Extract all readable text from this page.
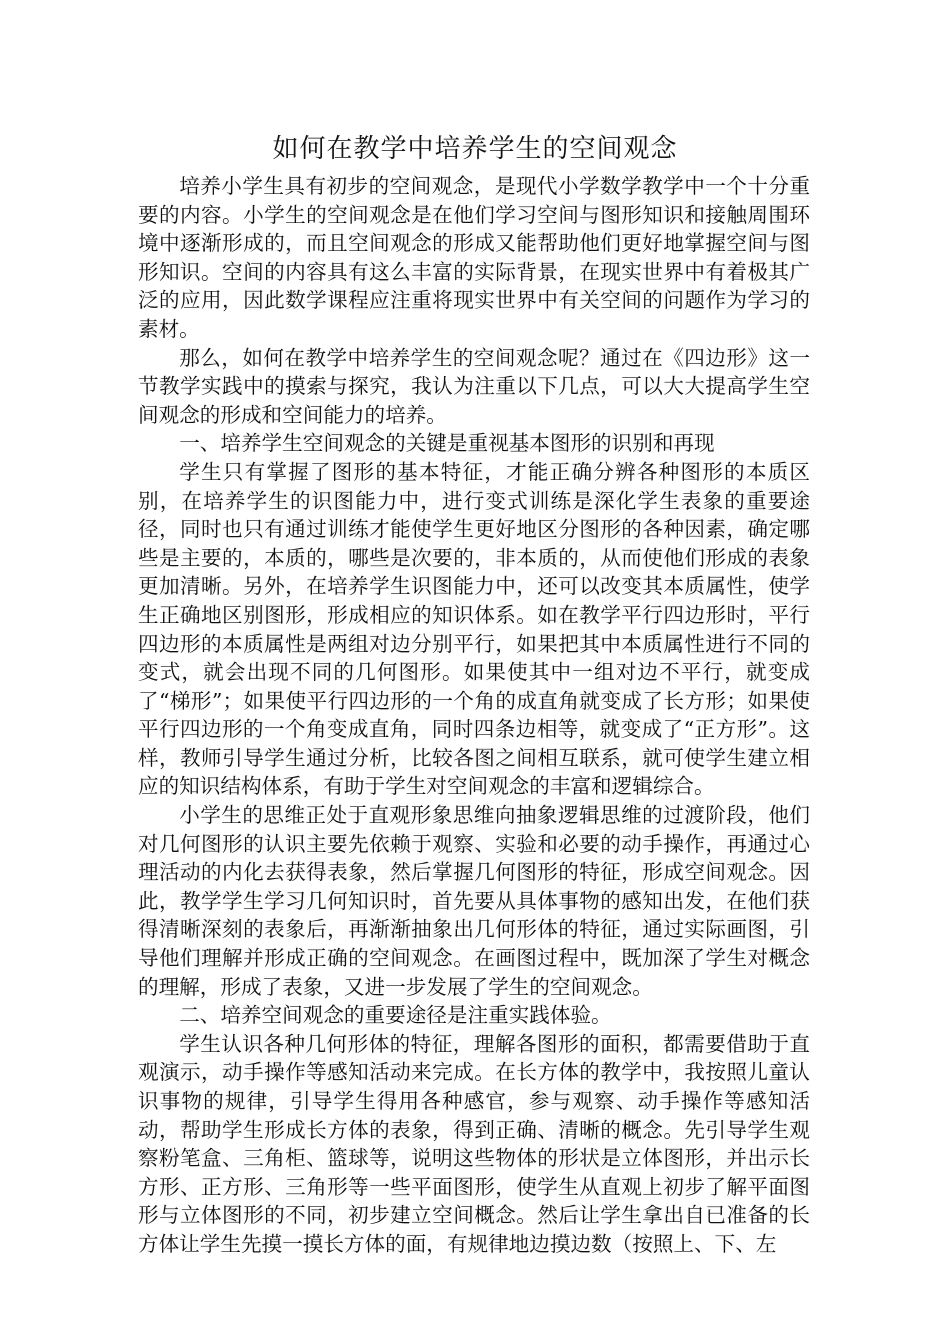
如何在教学中培养学生的空间观念

培养小学生具有初步的空间观念，是现代小学数学教学中一个十分重要的内容。小学生的空间观念是在他们学习空间与图形知识和接触周围环境中逐渐形成的，而且空间观念的形成又能帮助他们更好地掌握空间与图形知识。空间的内容具有这么丰富的实际背景，在现实世界中有着极其广泛的应用，因此数学课程应注重将现实世界中有关空间的问题作为学习的素材。

那么，如何在教学中培养学生的空间观念呢？通过在《四边形》这一节教学实践中的摸索与探究，我认为注重以下几点，可以大大提高学生空间观念的形成和空间能力的培养。

一、培养学生空间观念的关键是重视基本图形的识别和再现

学生只有掌握了图形的基本特征，才能正确分辨各种图形的本质区别，在培养学生的识图能力中，进行变式训练是深化学生表象的重要途径，同时也只有通过训练才能使学生更好地区分图形的各种因素，确定哪些是主要的，本质的，哪些是次要的，非本质的，从而使他们形成的表象更加清晰。另外，在培养学生识图能力中，还可以改变其本质属性，使学生正确地区别图形，形成相应的知识体系。如在教学平行四边形时，平行四边形的本质属性是两组对边分别平行，如果把其中本质属性进行不同的变式，就会出现不同的几何图形。如果使其中一组对边不平行，就变成了“梯形”；如果使平行四边形的一个角的成直角就变成了长方形；如果使平行四边形的一个角变成直角，同时四条边相等，就变成了“正方形”。这样，教师引导学生通过分析，比较各图之间相互联系，就可使学生建立相应的知识结构体系，有助于学生对空间观念的丰富和逻辑综合。

小学生的思维正处于直观形象思维向抽象逻辑思维的过渡阶段，他们对几何图形的认识主要先依赖于观察、实验和必要的动手操作，再通过心理活动的内化去获得表象，然后掌握几何图形的特征，形成空间观念。因此，教学学生学习几何知识时，首先要从具体事物的感知出发，在他们获得清晰深刻的表象后，再渐渐抽象出几何形体的特征，通过实际画图，引导他们理解并形成正确的空间观念。在画图过程中，既加深了学生对概念的理解，形成了表象，又进一步发展了学生的空间观念。

二、培养空间观念的重要途径是注重实践体验。

学生认识各种几何形体的特征，理解各图形的面积，都需要借助于直观演示，动手操作等感知活动来完成。在长方体的教学中，我按照儿童认识事物的规律，引导学生得用各种感官，参与观察、动手操作等感知活动，帮助学生形成长方体的表象，得到正确、清晰的概念。先引导学生观察粉笔盒、三角柜、篮球等，说明这些物体的形状是立体图形，并出示长方形、正方形、三角形等一些平面图形，使学生从直观上初步了解平面图形与立体图形的不同，初步建立空间概念。然后让学生拿出自已准备的长方体让学生先摸一摸长方体的面，有规律地边摸边数（按照上、下、左
